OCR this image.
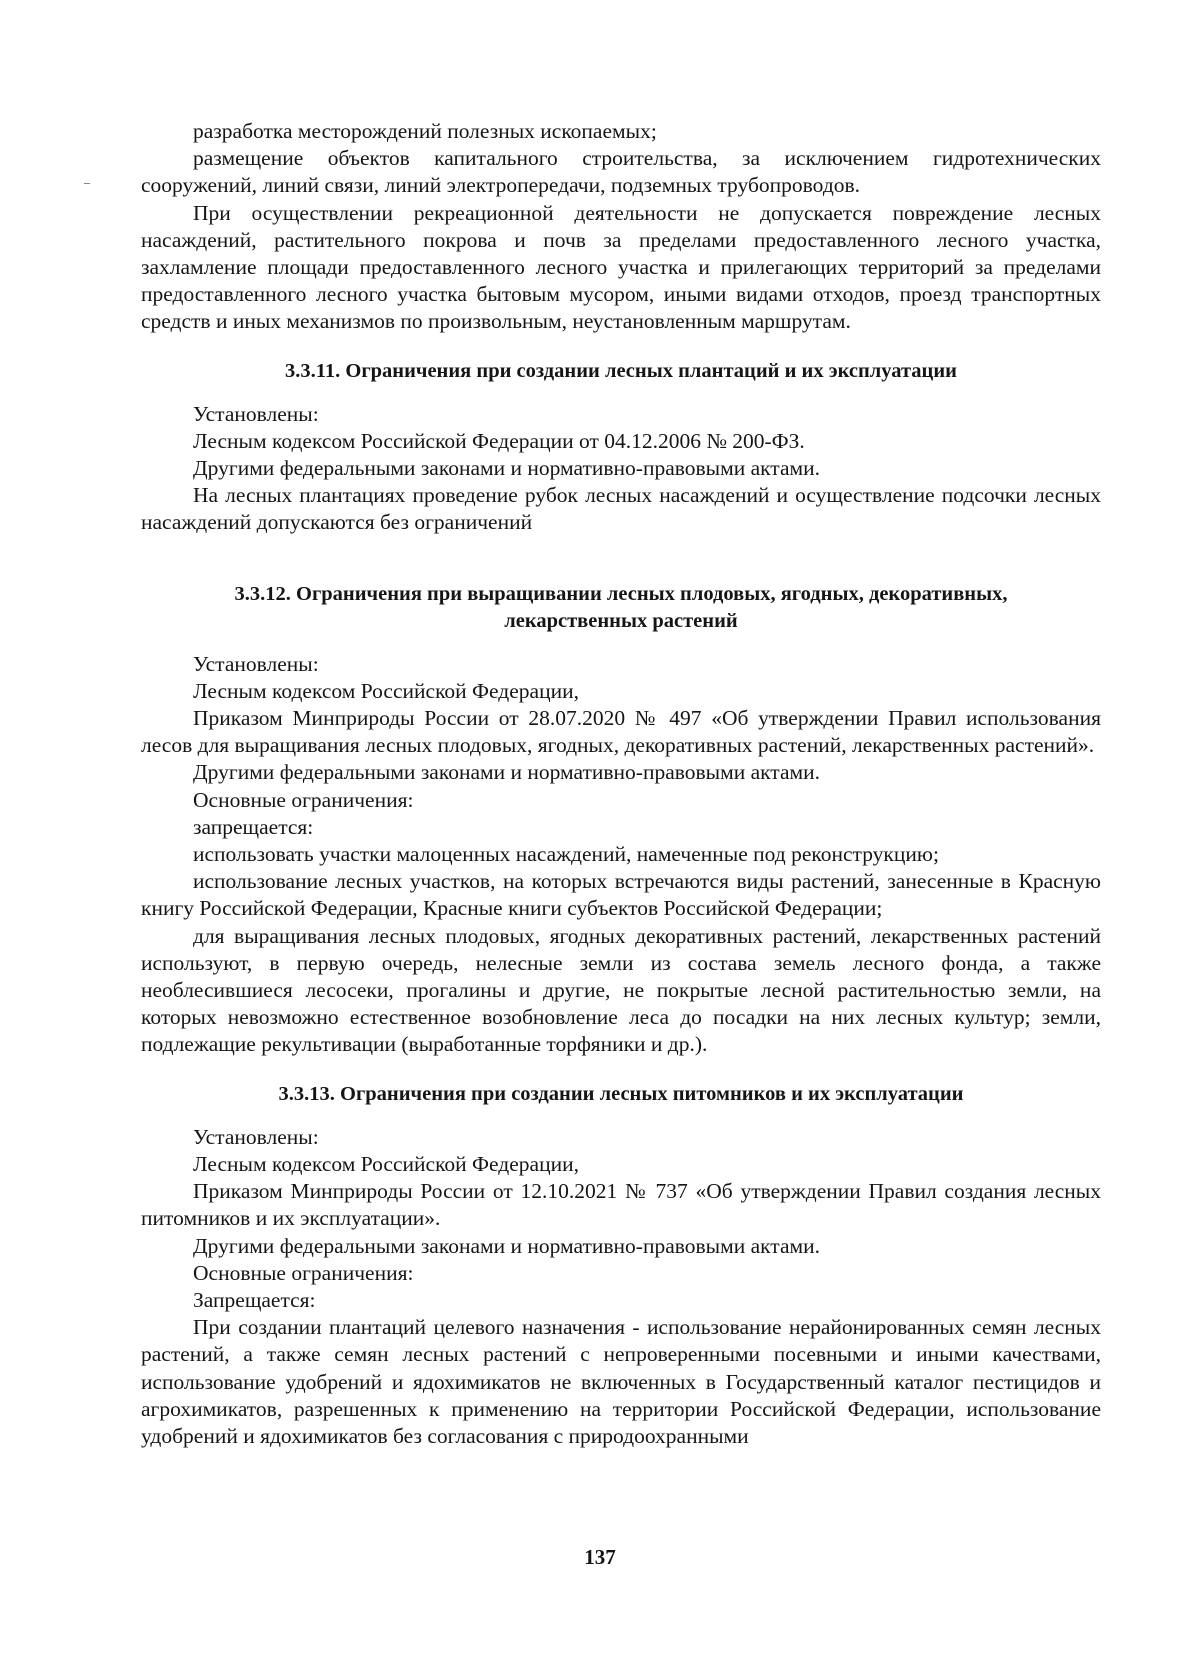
разработка месторождений полезных ископаемых;

размещение объектов капитального строительства, за исключением гидротехнических сооружений, линий связи, линий электропередачи, подземных трубопроводов.

При осуществлении рекреационной деятельности не допускается повреждение лесных насаждений, растительного покрова и почв за пределами предоставленного лесного участка, захламление площади предоставленного лесного участка и прилегающих территорий за пределами предоставленного лесного участка бытовым мусором, иными видами отходов, проезд транспортных средств и иных механизмов по произвольным, неустановленным маршрутам.

3.3.11. Ограничения при создании лесных плантаций и их эксплуатации

Установлены:

Лесным кодексом Российской Федерации от 04.12.2006 № 200-ФЗ.

Другими федеральными законами и нормативно-правовыми актами.

На лесных плантациях проведение рубок лесных насаждений и осуществление подсочки лесных насаждений допускаются без ограничений

3.3.12. Ограничения при выращивании лесных плодовых, ягодных, декоративных,

лекарственных растений

Установлены:

Лесным кодексом Российской Федерации,

Приказом Минприроды России от 28.07.2020 № 497 «Об утверждении Правил использования лесов для выращивания лесных плодовых, ягодных, декоративных растений, лекарственных растений».

Другими федеральными законами и нормативно-правовыми актами.

Основные ограничения:

запрещается:

использовать участки малоценных насаждений, намеченные под реконструкцию;

использование лесных участков, на которых встречаются виды растений, занесенные в Красную книгу Российской Федерации, Красные книги субъектов Российской Федерации;

для выращивания лесных плодовых, ягодных декоративных растений, лекарственных растений используют, в первую очередь, нелесные земли из состава земель лесного фонда, а также необлесившиеся лесосеки, прогалины и другие, не покрытые лесной растительностью земли, на которых невозможно естественное возобновление леса до посадки на них лесных культур; земли, подлежащие рекультивации (выработанные торфяники и др.).

3.3.13. Ограничения при создании лесных питомников и их эксплуатации

Установлены:

Лесным кодексом Российской Федерации,

Приказом Минприроды России от 12.10.2021 № 737 «Об утверждении Правил создания лесных питомников и их эксплуатации».

Другими федеральными законами и нормативно-правовыми актами.

Основные ограничения:

Запрещается:

При создании плантаций целевого назначения - использование нерайонированных семян лесных растений, а также семян лесных растений с непроверенными посевными и иными качествами, использование удобрений и ядохимикатов не включенных в Государственный каталог пестицидов и агрохимикатов, разрешенных к применению на территории Российской Федерации, использование удобрений и ядохимикатов без согласования с природоохранными

137
